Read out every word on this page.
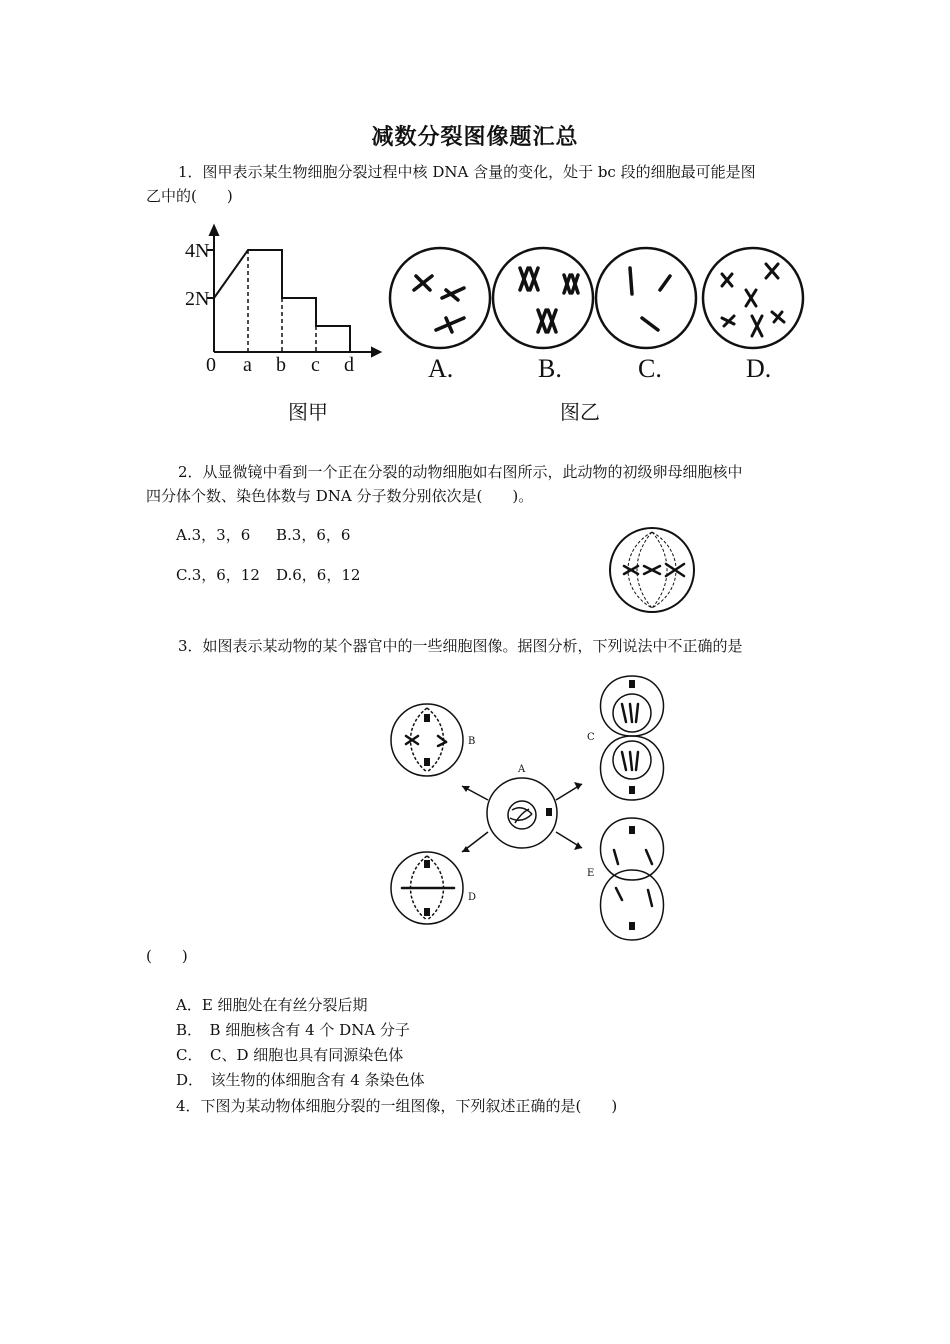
减数分裂图像题汇总
1．图甲表示某生物细胞分裂过程中核 DNA 含量的变化，处于 bc 段的细胞最可能是图
乙中的(　　)
4N
2N
0 a b c d
图甲
A.	B.	C.	D.
图乙
2．从显微镜中看到一个正在分裂的动物细胞如右图所示，此动物的初级卵母细胞核中
四分体个数、染色体数与 DNA 分子数分别依次是(　　)。
A.3，3，6 B.3，6，6
C.3，6，12 D.6，6，12
3．如图表示某动物的某个器官中的一些细胞图像。据图分析，下列说法中不正确的是
A
B	C
D
E
(　　)
A．E 细胞处在有丝分裂后期
B．　B 细胞核含有 4 个 DNA 分子
C．　C、D 细胞也具有同源染色体
D．　该生物的体细胞含有 4 条染色体
4．下图为某动物体细胞分裂的一组图像，下列叙述正确的是(　　)
